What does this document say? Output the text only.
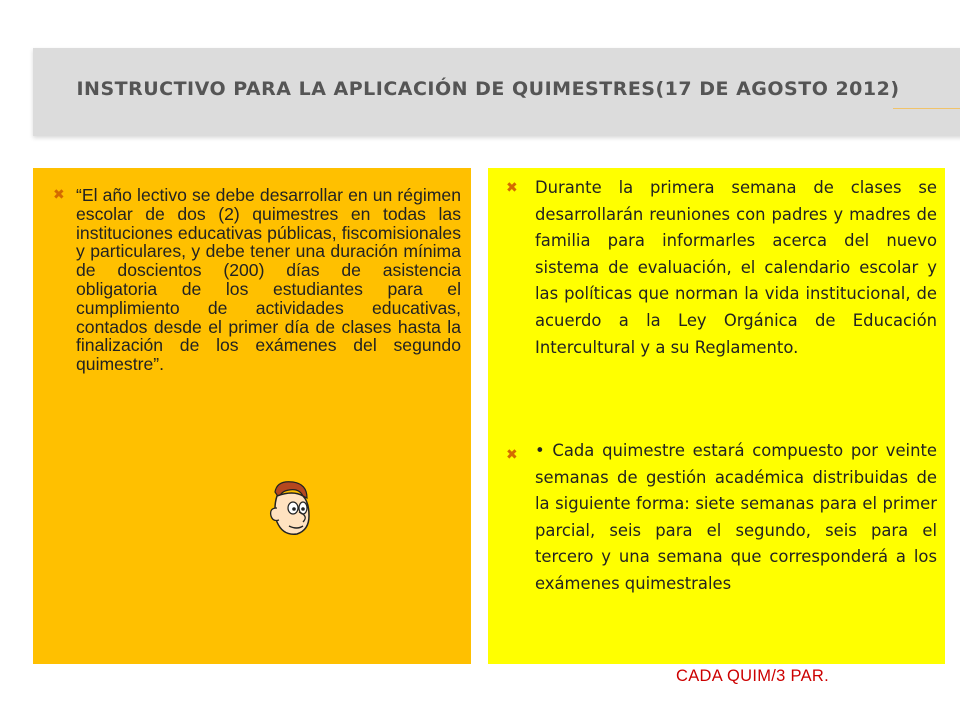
INSTRUCTIVO PARA LA APLICACIÓN DE QUIMESTRES(17 DE AGOSTO 2012)
✖ “El año lectivo se debe desarrollar en un régimen escolar de dos (2) quimestres en todas las instituciones educativas públicas, fiscomisionales y particulares, y debe tener una duración mínima de doscientos (200) días de asistencia obligatoria de los estudiantes para el cumplimiento de actividades educativas, contados desde el primer día de clases hasta la finalización de los exámenes del segundo quimestre”.
✖ Durante la primera semana de clases se desarrollarán reuniones con padres y madres de familia para informarles acerca del nuevo sistema de evaluación, el calendario escolar y las políticas que norman la vida institucional, de acuerdo a la Ley Orgánica de Educación Intercultural y a su Reglamento.
✖ • Cada quimestre estará compuesto por veinte semanas de gestión académica distribuidas de la siguiente forma: siete semanas para el primer parcial, seis para el segundo, seis para el tercero y una semana que corresponderá a los exámenes quimestrales
CADA QUIM/3 PAR.
